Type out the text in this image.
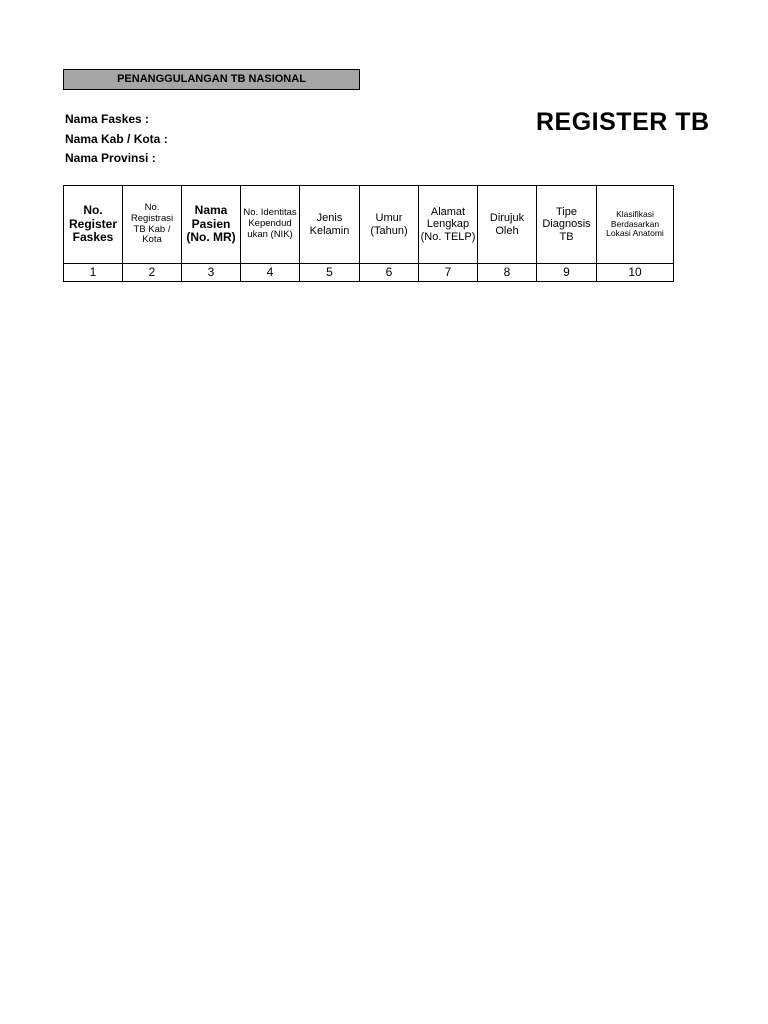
PENANGGULANGAN TB NASIONAL
Nama Faskes :
Nama Kab / Kota :
Nama Provinsi :
REGISTER TB
No. Register Faskes	No. Registrasi TB Kab / Kota	Nama Pasien (No. MR)	No. Identitas Kependud ukan (NIK)	Jenis Kelamin	Umur (Tahun)	Alamat Lengkap (No. TELP)	Dirujuk Oleh	Tipe Diagnosis TB	Klasifikasi Berdasarkan Lokasi Anatomi
1	2	3	4	5	6	7	8	9	10
